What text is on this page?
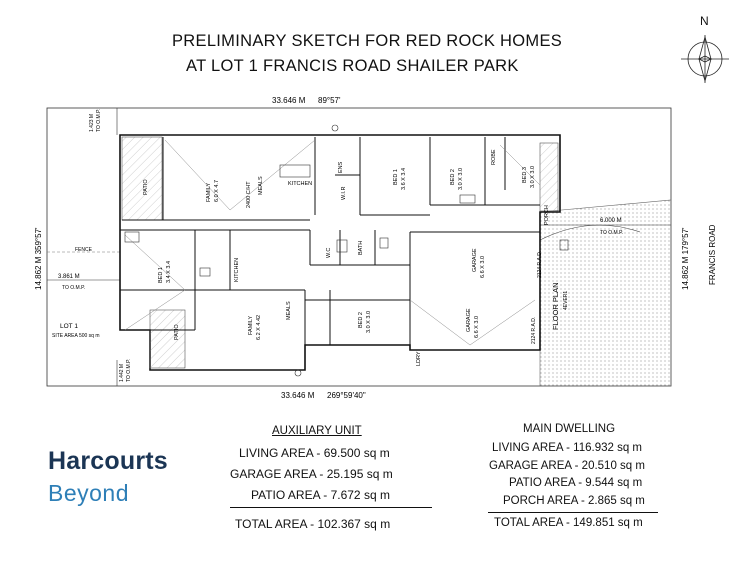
PRELIMINARY SKETCH FOR RED ROCK HOMES
AT LOT 1 FRANCIS ROAD SHAILER PARK
N
33.646 M 89°57'
33.646 M 269°59'40"
14.862 M 359°57'	14.862 M 179°57' FRANCIS ROAD
3.861 M
TO O.M.P.
6.000 M
TO O.M.P.
1.423 M TO O.M.P.
1.442 M TO O.M.P.
FENCE
LOT 1
SITE AREA 500 sq m
FLOOR PLAN 4EVER1
PATIO	FAMILY 6.0 X 4.7	2400 C/HT MEALS	KITCHEN
ENS
W.I.R
BED 1 3.6 X 3.4	BED 2 3.0 X 3.0
ROBE
BED 3 3.0 X 3.0
PORCH
GARAGE 6.6 X 3.0	2124 R.A.D.
BATH
W.C
LDRY
BED 1 3.4 X 3.4	KITCHEN
PATIO	FAMILY 6.2 X 4.42
MEALS
BED 2 3.0 X 3.0	GARAGE 6.6 X 3.0	2124 R.A.D.
Harcourts
Beyond
AUXILIARY UNIT
LIVING AREA - 69.500 sq m
GARAGE AREA - 25.195 sq m
PATIO AREA - 7.672 sq m
TOTAL AREA - 102.367 sq m
MAIN DWELLING
LIVING AREA - 116.932 sq m
GARAGE AREA - 20.510 sq m
PATIO AREA - 9.544 sq m
PORCH AREA - 2.865 sq m
TOTAL AREA - 149.851 sq m
